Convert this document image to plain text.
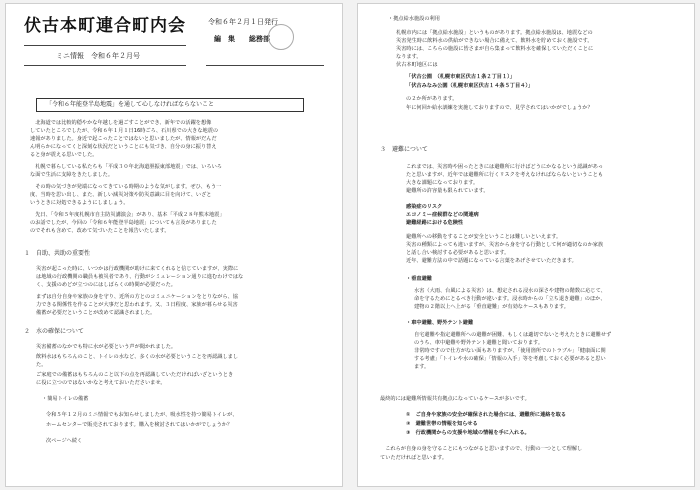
伏古本町連合町内会
ミニ情報　令和６年２月号
令和６年２月１日発行
編　集　　総務部
「令和６年能登半島地震」を通して心しなければならないこと
　北海道では比較的穏やかな年越しを過ごすことができ、新年での活躍を想像
していたところでしたが、令和６年１月１日16時ごろ、石川県での大きな地震の
速報がありました。身近で起こったことではないと思いましたが、情報がだんだ
ん明らかになってくと深刻な状況だということにも気づき、自分の身に振り替え
ると身が震える思いでした。
　札幌で暮らしている私たちも「平成３０年北海道胆振東部地震」では、いろいろ
な面で生活に支障をきたしました。
　その時の気づきが発端になってきている時期のような気がします。ぜひ、もう一
度、当時を思い出し、また、新しい減災対策や防災意識に目を向けて、いざと
いうときに対処できるようにしましょう。
　先日、「令和５年度札幌市自主防災講演会」があり、基本「平成２８年熊本地震」
のお話でしたが、今回の「令和６年能登半島地震」についても言及がありました
のでそれも含めて、改めて気づいたことを報告いたします。
１　自助、共助の重要性
災害が起こった時に、いつかは行政機関が助けに来てくれると信じていますが、実際に
は地域の行政機関の職員も被災者であり、行動がシミュレーション通りに進むわけではな
く、支援のめどが立つのにはしばらくの時間が必要だった。
まずは自分自身や家族の身を守り、近所の方とのコミュニケーションをとりながら、協
力できる関係性を作ることが大事だと思われます。又、３日程度、家族が暮らせる災害
備蓄が必要だということが改めて認識されました。
２　水の確保について
災害備蓄のなかでも特に水が必要という声が聞かれました。
飲料水はもちろんのこと、トイレの水など、多くの水が必要ということを再認識しまし
た。
ご家庭での備蓄はもちろんのこと以下の点を再認識していただければいざというとき
に役に立つのではないかなと考えておいたださいませ。
・簡易トイレの備蓄
令和５年１２月のミニ情報でもお知らせしましたが、吸水性を持つ簡易トイレが、
ホームセンターで販売されております。購入を検討されてはいかがでしょうか？
次ページへ続く
・拠点給水施設の利用
札幌市内には「拠点給水施設」というものがあります。拠点給水施設は、地震などの
災害発生時に飲料水の供給ができない場合に備えて、飲料水を貯めておく施設です。
災害時には、こちらの施設に皆さまが自ら集まって飲料水を確保していただくことに
なります。
伏古本町地区には
「伏古公園　（札幌市東区伏古１条２丁目１）」
「伏古みなみ公園（札幌市東区伏古１４条５丁目４）」
の２か所があります。
年に何回か給水訓練を実施しておりますので、見学されてはいかがでしょうか？
３　避難について
これまでは、災害時や困ったときには避難所に行けばどうにかなるという認識があっ
たと思いますが、近年では避難所に行くリスクを考えなければならないということも
大きな課題になっております。
避難所の許容量も限られています。
感染症のリスク
エコノミー症候群などの関連病
避難経路における危険性
避難所への移動をすることが安全ということは難しいといえます。
災害の種類によっても違いますが、災害から身を守る行動として何が適切なのか家族
と話し合い検討する必要があると思います。
近年、避難方法の中で話題になっている言葉をあげさせていただきます。
・垂直避難
水害（大雨、台風による災害）は、想定される浸水の深さや建物の階数に応じて、
命を守るためにとるべき行動が違います。浸水時からの「立ち退き避難」のほか、
建物の２階以上へ上がる「垂直避難」が有効なケースもあります。
・車中避難、野外テント避難
自宅避難や指定避難所への避難が困難、もしくは適切でないと考えたときに避難せず
のうち、車中避難や野外テント避難と聞いております。
非常時ですので仕方がない面もありますが、「使用箇所でのトラブル」「健康面に関
する考慮」「トイレや水の確保」「情報の入手」等を考慮しておく必要があると思い
ます。
最終的には避難所情報共有拠点になっているケースが多いです。
①　ご自身や家族の安全が確保された場合には、避難所に連絡を取る
②　避難世帯の情報を知らせる
③　行政機関からの支援や地域の情報を手に入れる。
　これらが自身の身を守ることにもつながると思いますので、行動の一つとして理解し
ていただければと思います。
